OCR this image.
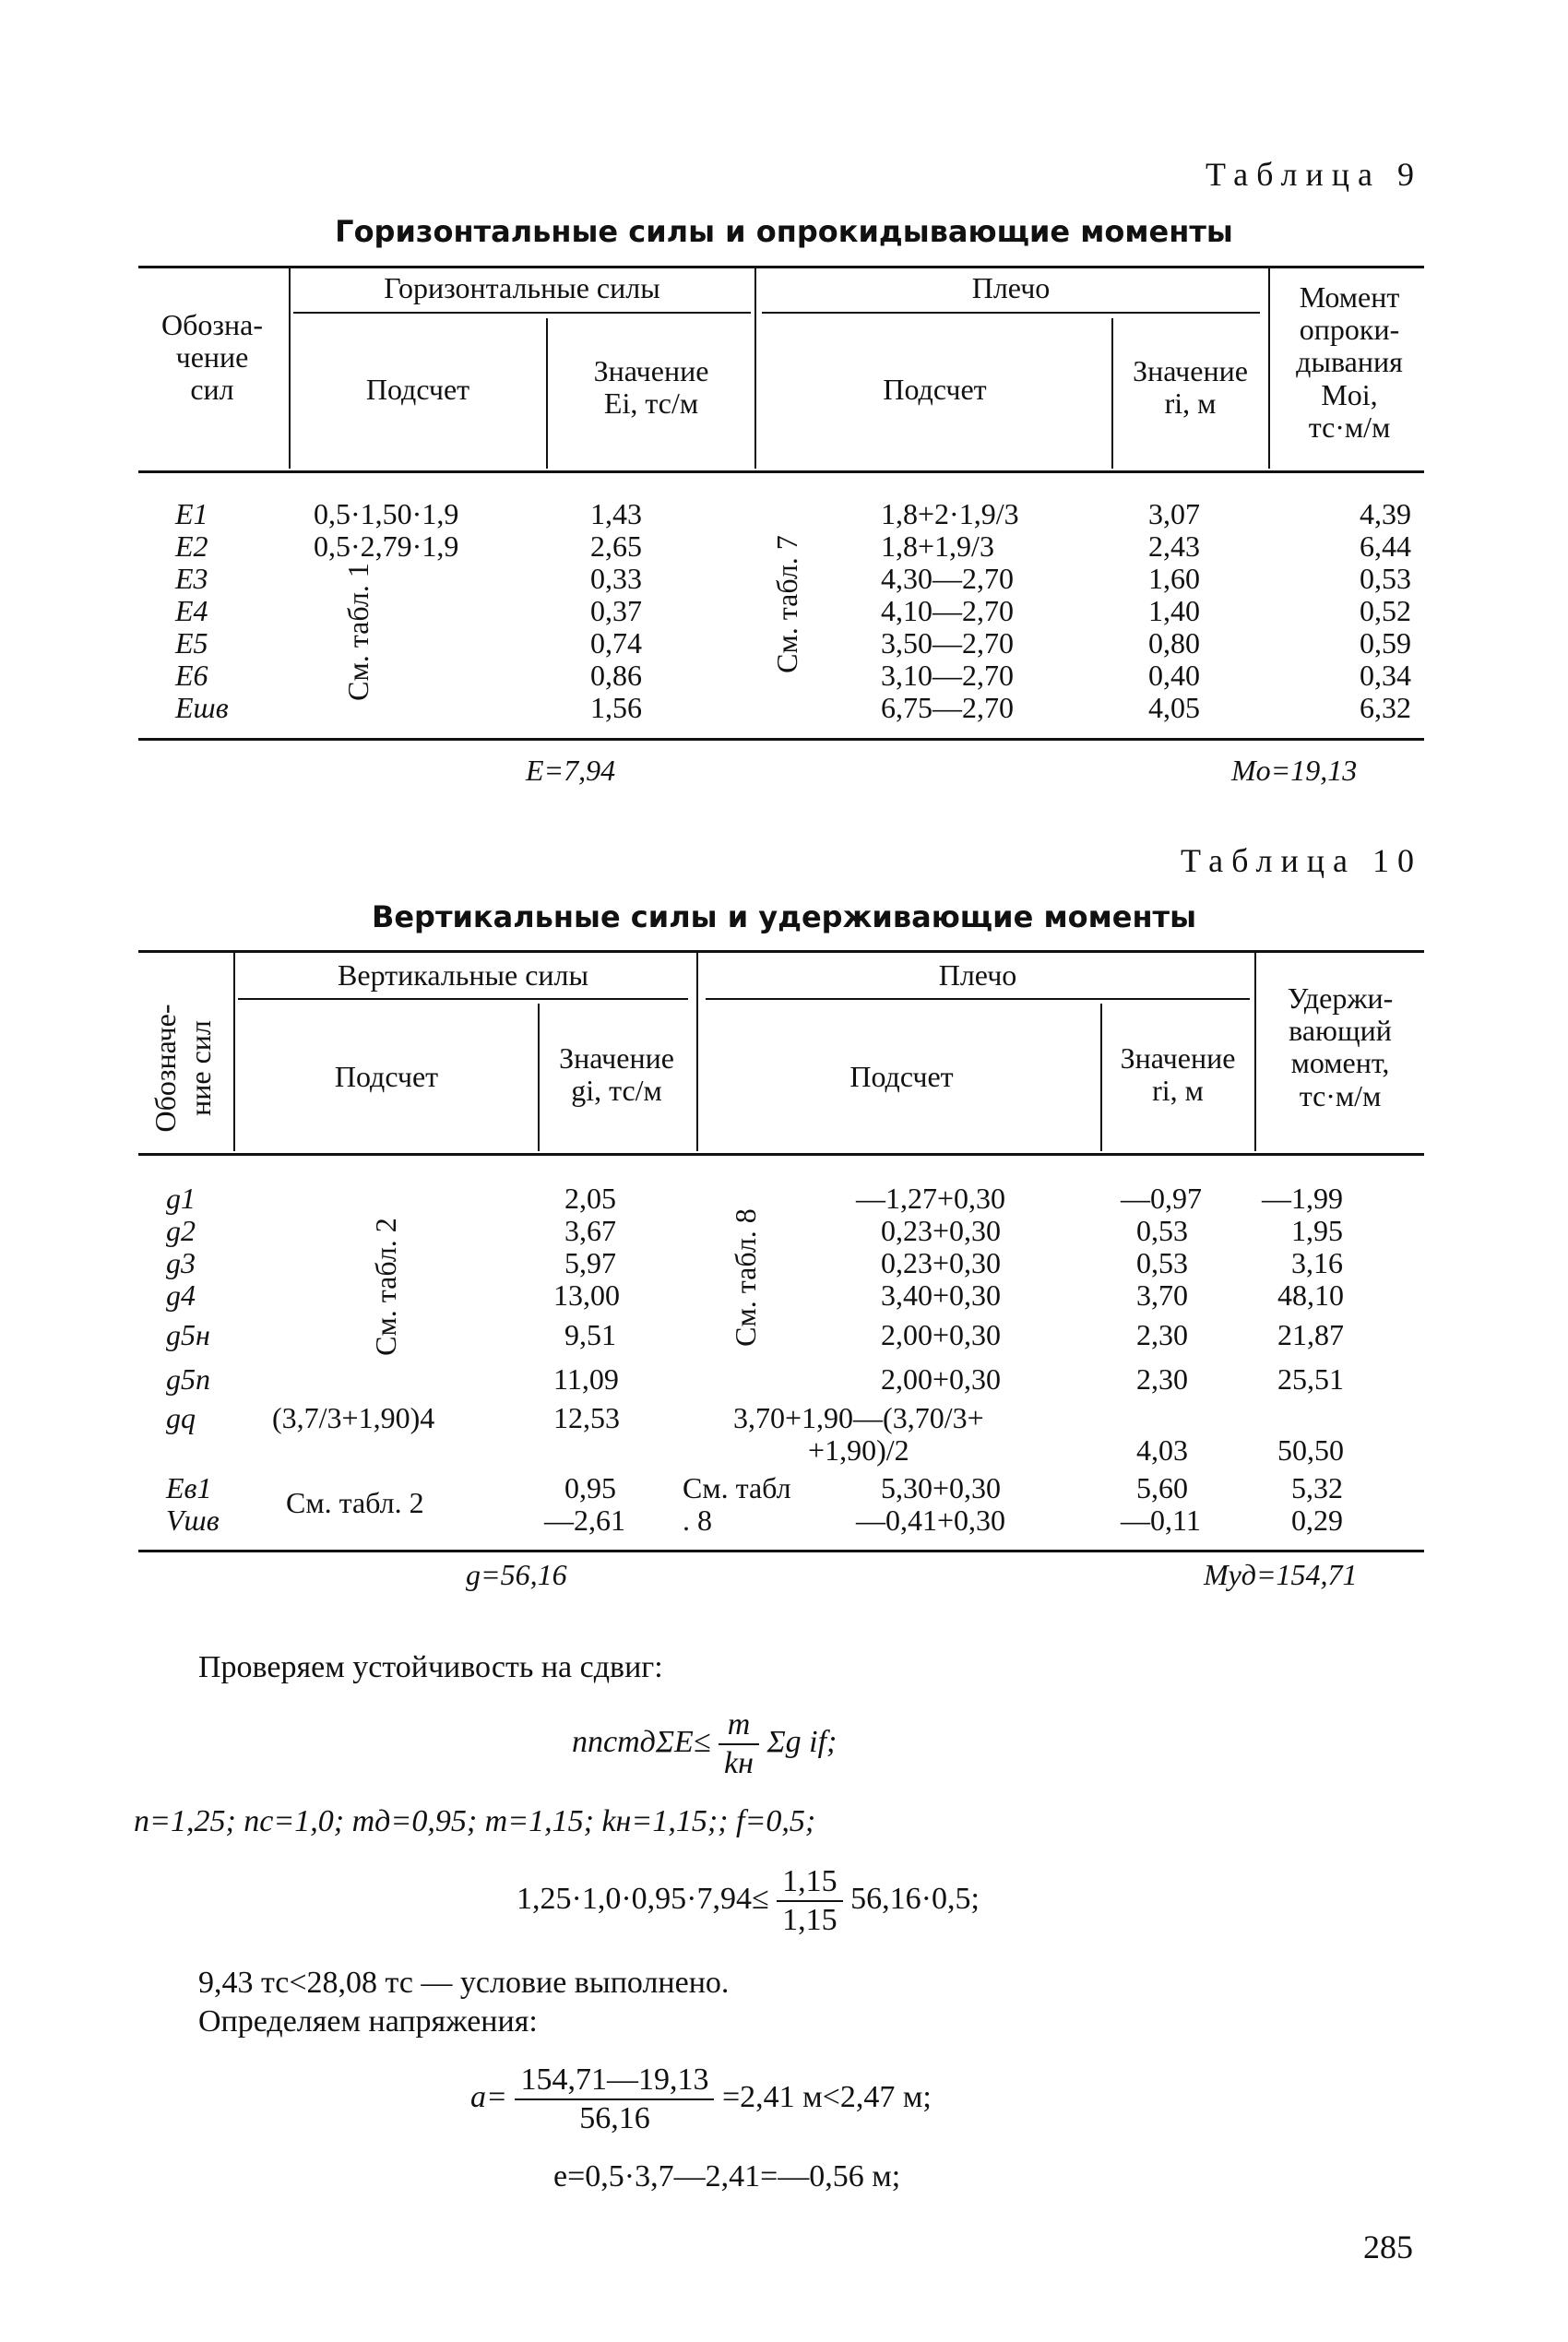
Таблица 9
Горизонтальные силы и опрокидывающие моменты
Обозна-
чение
сил
Горизонтальные силы
Подсчет
Значение
Ei, тс/м
Плечо
Подсчет
Значение
ri, м
Момент
опроки-
дывания
Moi,
тс·м/м
E1
E2
E3
E4
E5
E6
Eшв
0,5·1,50·1,9
0,5·2,79·1,9
См. табл. 1
1,43
2,65
0,33
0,37
0,74
0,86
1,56
См. табл. 7
1,8+2·1,9/3
1,8+1,9/3
4,30—2,70
4,10—2,70
3,50—2,70
3,10—2,70
6,75—2,70
3,07
2,43
1,60
1,40
0,80
0,40
4,05
4,39
6,44
0,53
0,52
0,59
0,34
6,32
E=7,94	Mо=19,13
Таблица 10
Вертикальные силы и удерживающие моменты
Обозначе-
ние сил
Вертикальные силы
Подсчет
Значение
gi, тс/м
Плечо
Подсчет
Значение
ri, м
Удержи-
вающий
момент,
тс·м/м
g1
g2
g3
g4
g5н
g5п
gq
Eв1
Vшв
См. табл. 2
(3,7/3+1,90)4
См. табл. 2
2,05
3,67
5,97
13,00
9,51
11,09
12,53
0,95
—2,61
См. табл. 8
См. табл
. 8
—1,27+0,30
0,23+0,30
0,23+0,30
3,40+0,30
2,00+0,30
2,00+0,30
3,70+1,90—(3,70/3+
+1,90)/2
5,30+0,30
—0,41+0,30
—0,97
0,53
0,53
3,70
2,30
2,30
4,03
5,60
—0,11
—1,99
1,95
3,16
48,10
21,87
25,51
50,50
5,32
0,29
g=56,16	Mуд=154,71
Проверяем устойчивость на сдвиг:
nnсmдΣE≤ $\frac{m}{kн}$ Σg if;
n=1,25; nс=1,0; mд=0,95; m=1,15; kн=1,15;; f=0,5;
$1,25\cdot 1,0\cdot 0,95\cdot 7,94\le \frac{1,15}{1,15} 56,16\cdot 0,5$;
9,43 тс<28,08 тс — условие выполнено.
Определяем напряжения:
$a= \frac{154,71—19,13}{56,16} =2,41$ м<2,47 м;
e=0,5·3,7—2,41=—0,56 м;
285
